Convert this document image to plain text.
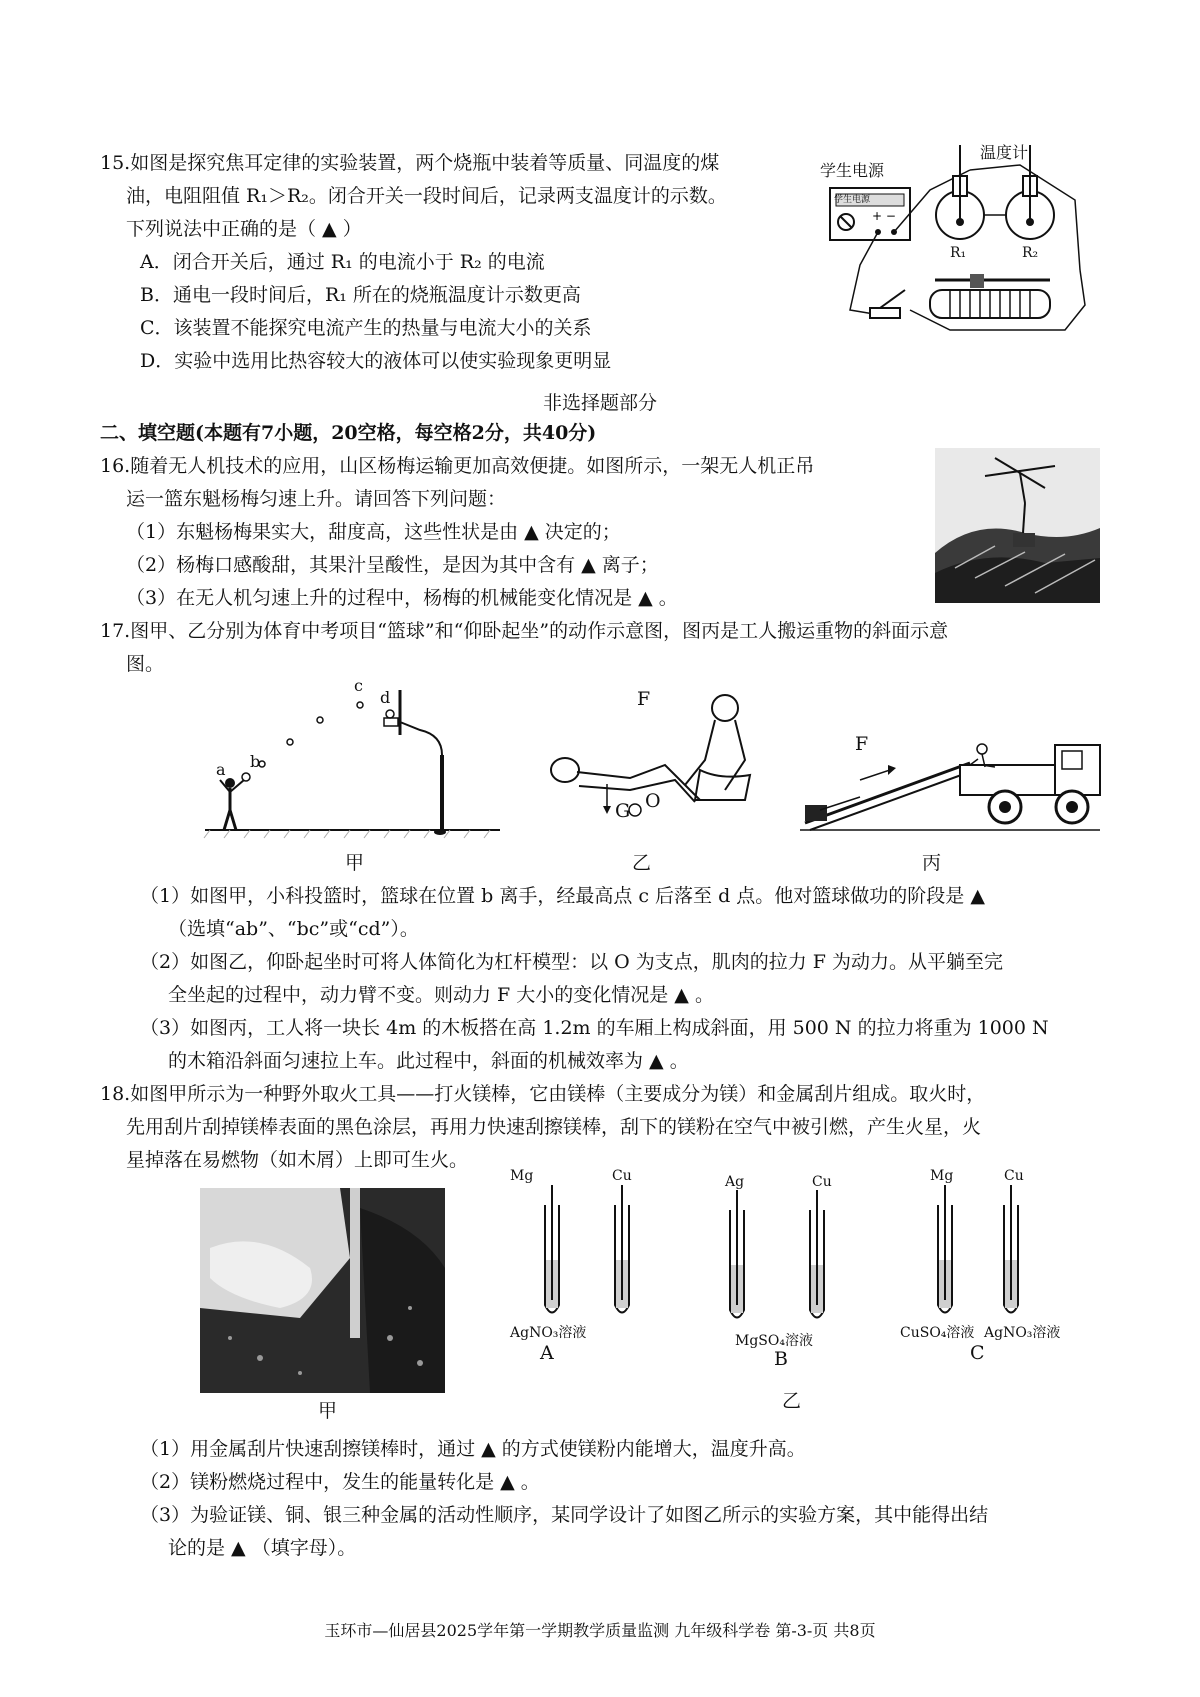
15.如图是探究焦耳定律的实验装置，两个烧瓶中装着等质量、同温度的煤
油，电阻阻值 R₁＞R₂。闭合开关一段时间后，记录两支温度计的示数。
下列说法中正确的是（ ▲ ）
A．闭合开关后，通过 R₁ 的电流小于 R₂ 的电流
B．通电一段时间后，R₁ 所在的烧瓶温度计示数更高
C．该装置不能探究电流产生的热量与电流大小的关系
D．实验中选用比热容较大的液体可以使实验现象更明显
+ −
学生电源
学生电源
温度计
R₁	R₂
非选择题部分
二、填空题(本题有7小题，20空格，每空格2分，共40分)
16.随着无人机技术的应用，山区杨梅运输更加高效便捷。如图所示，一架无人机正吊
运一篮东魁杨梅匀速上升。请回答下列问题：
（1）东魁杨梅果实大，甜度高，这些性状是由 ▲ 决定的；
（2）杨梅口感酸甜，其果汁呈酸性，是因为其中含有 ▲ 离子；
（3）在无人机匀速上升的过程中，杨梅的机械能变化情况是 ▲ 。
17.图甲、乙分别为体育中考项目“篮球”和“仰卧起坐”的动作示意图，图丙是工人搬运重物的斜面示意
图。
a b
c
d	F
G O
F
甲	乙	丙
（1）如图甲，小科投篮时，篮球在位置 b 离手，经最高点 c 后落至 d 点。他对篮球做功的阶段是 ▲
（选填“ab”、“bc”或“cd”）。
（2）如图乙，仰卧起坐时可将人体简化为杠杆模型：以 O 为支点，肌肉的拉力 F 为动力。从平躺至完
全坐起的过程中，动力臂不变。则动力 F 大小的变化情况是 ▲ 。
（3）如图丙，工人将一块长 4m 的木板搭在高 1.2m 的车厢上构成斜面，用 500 N 的拉力将重为 1000 N
的木箱沿斜面匀速拉上车。此过程中，斜面的机械效率为 ▲ 。
18.如图甲所示为一种野外取火工具——打火镁棒，它由镁棒（主要成分为镁）和金属刮片组成。取火时，
先用刮片刮掉镁棒表面的黑色涂层，再用力快速刮擦镁棒，刮下的镁粉在空气中被引燃，产生火星，火
星掉落在易燃物（如木屑）上即可生火。
甲
Mg	Cu
AgNO₃溶液
A
Ag	Cu
MgSO₄溶液
B
Mg	Cu
CuSO₄溶液 AgNO₃溶液
C
乙
（1）用金属刮片快速刮擦镁棒时，通过 ▲ 的方式使镁粉内能增大，温度升高。
（2）镁粉燃烧过程中，发生的能量转化是 ▲ 。
（3）为验证镁、铜、银三种金属的活动性顺序，某同学设计了如图乙所示的实验方案，其中能得出结
论的是 ▲ （填字母）。
玉环市—仙居县2025学年第一学期教学质量监测 九年级科学卷 第-3-页 共8页
